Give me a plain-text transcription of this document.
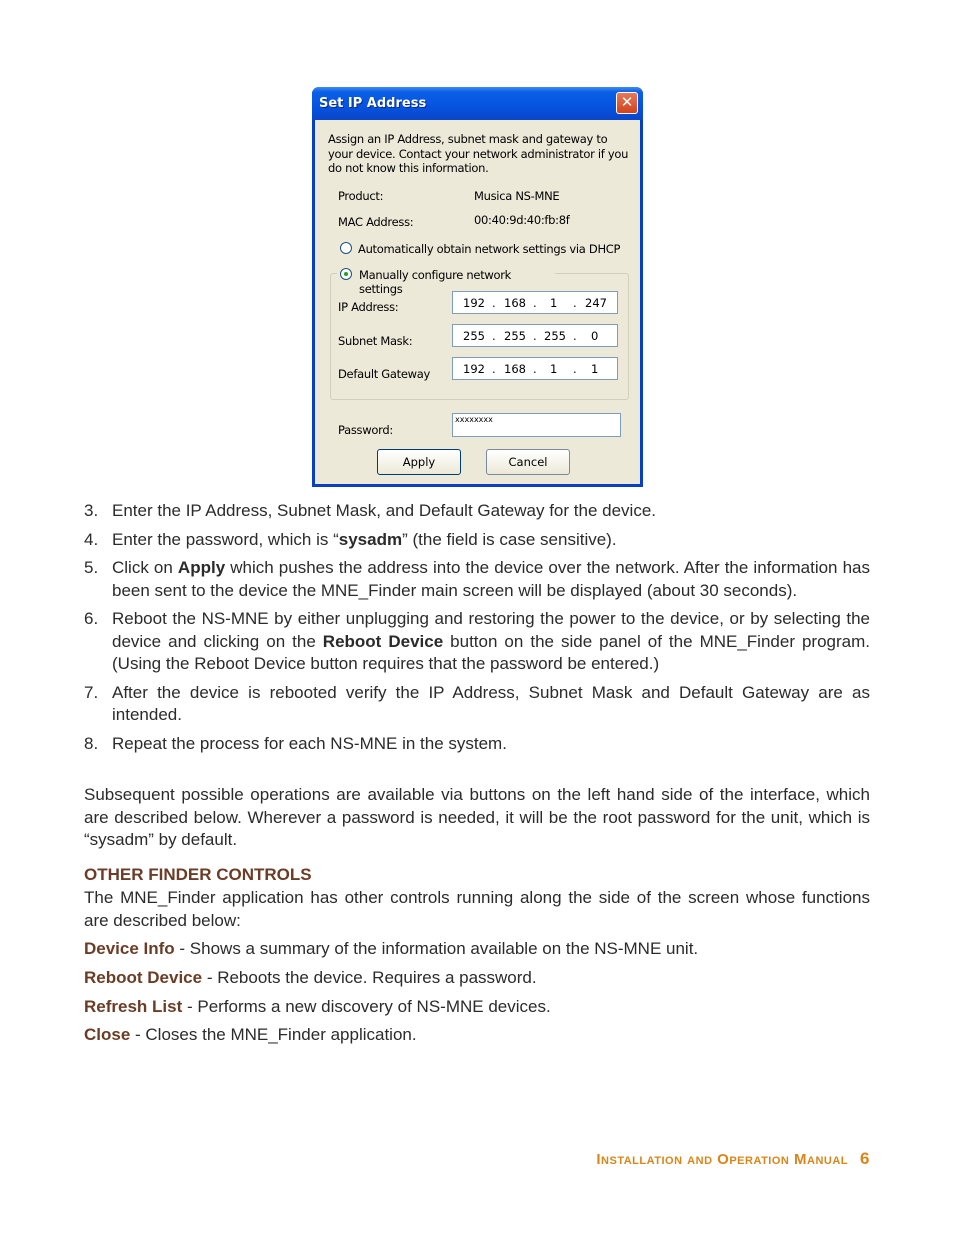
Set IP Address	✕
Assign an IP Address, subnet mask and gateway to your device. Contact your network administrator if you do not know this information.
Product:	Musica NS-MNE
MAC Address:	00:40:9d:40:fb:8f
Automatically obtain network settings via DHCP
Manually configure network settings
IP Address:	192 . 168 . 1 . 247
Subnet Mask:	255 . 255 . 255 . 0
Default Gateway	192 . 168 . 1 . 1
Password:
xxxxxxxx
Apply	Cancel
3. Enter the IP Address, Subnet Mask, and Default Gateway for the device.
4. Enter the password, which is “sysadm” (the field is case sensitive).
5. Click on Apply which pushes the address into the device over the network. After the information has been sent to the device the MNE_Finder main screen will be displayed (about 30 seconds).
6. Reboot the NS-MNE by either unplugging and restoring the power to the device, or by selecting the device and clicking on the Reboot Device button on the side panel of the MNE_Finder program. (Using the Reboot Device button requires that the password be entered.)
7. After the device is rebooted verify the IP Address, Subnet Mask and Default Gateway are as intended.
8. Repeat the process for each NS-MNE in the system.
Subsequent possible operations are available via buttons on the left hand side of the interface, which are described below. Wherever a password is needed, it will be the root password for the unit, which is “sysadm” by default.
OTHER FINDER CONTROLS
The MNE_Finder application has other controls running along the side of the screen whose functions are described below:
Device Info - Shows a summary of the information available on the NS-MNE unit.
Reboot Device - Reboots the device. Requires a password.
Refresh List - Performs a new discovery of NS-MNE devices.
Close - Closes the MNE_Finder application.
Installation and Operation Manual 6
